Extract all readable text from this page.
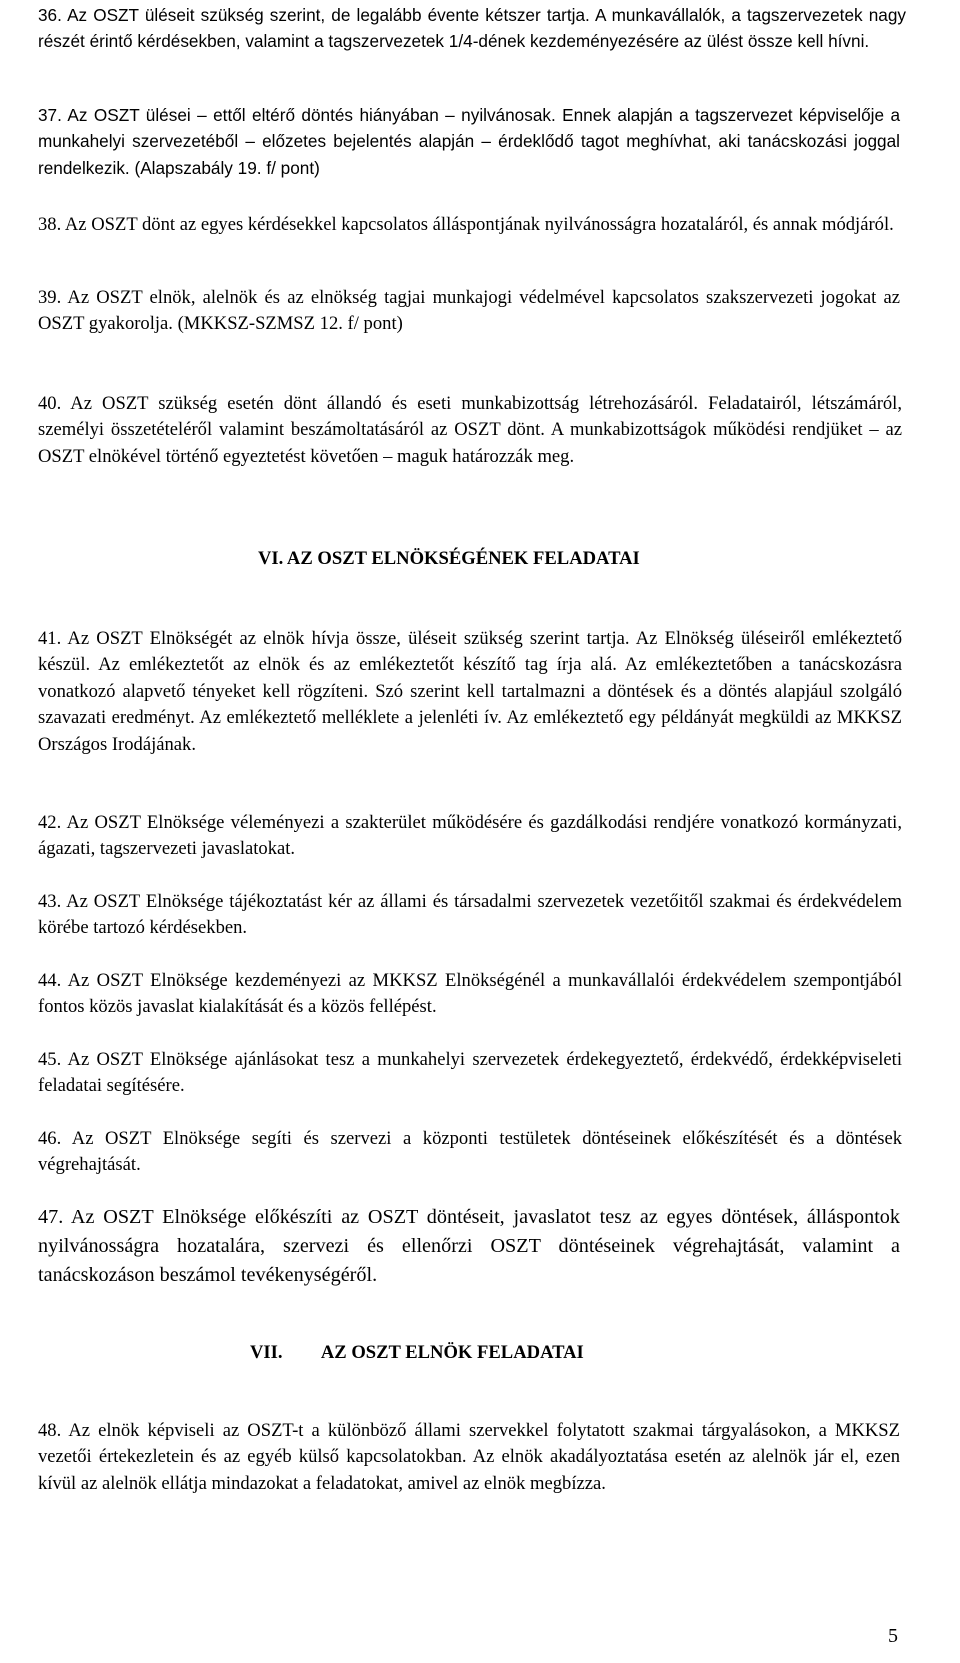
36. Az OSZT üléseit szükség szerint, de legalább évente kétszer tartja. A munkavállalók, a tagszervezetek nagy részét érintő kérdésekben, valamint a tagszervezetek 1/4-dének kezdeményezésére az ülést össze kell hívni.

37. Az OSZT ülései – ettől eltérő döntés hiányában – nyilvánosak. Ennek alapján a tagszervezet képviselője a munkahelyi szervezetéből – előzetes bejelentés alapján – érdeklődő tagot meghívhat, aki tanácskozási joggal rendelkezik. (Alapszabály 19. f/ pont)

38. Az OSZT dönt az egyes kérdésekkel kapcsolatos álláspontjának nyilvánosságra hozataláról, és annak módjáról.

39. Az OSZT elnök, alelnök és az elnökség tagjai munkajogi védelmével kapcsolatos szakszervezeti jogokat az OSZT gyakorolja. (MKKSZ-SZMSZ 12. f/ pont)

40. Az OSZT szükség esetén dönt állandó és eseti munkabizottság létrehozásáról. Feladatairól, létszámáról, személyi összetételéről valamint beszámoltatásáról az OSZT dönt. A munkabizottságok működési rendjüket – az OSZT elnökével történő egyeztetést követően – maguk határozzák meg.

VI. AZ OSZT ELNÖKSÉGÉNEK FELADATAI

41. Az OSZT Elnökségét az elnök hívja össze, üléseit szükség szerint tartja. Az Elnökség üléseiről emlékeztető készül. Az emlékeztetőt az elnök és az emlékeztetőt készítő tag írja alá. Az emlékeztetőben a tanácskozásra vonatkozó alapvető tényeket kell rögzíteni. Szó szerint kell tartalmazni a döntések és a döntés alapjául szolgáló szavazati eredményt. Az emlékeztető melléklete a jelenléti ív. Az emlékeztető egy példányát megküldi az MKKSZ Országos Irodájának.

42. Az OSZT Elnöksége véleményezi a szakterület működésére és gazdálkodási rendjére vonatkozó kormányzati, ágazati, tagszervezeti javaslatokat.

43. Az OSZT Elnöksége tájékoztatást kér az állami és társadalmi szervezetek vezetőitől szakmai és érdekvédelem körébe tartozó kérdésekben.

44. Az OSZT Elnöksége kezdeményezi az MKKSZ Elnökségénél a munkavállalói érdekvédelem szempontjából fontos közös javaslat kialakítását és a közös fellépést.

45. Az OSZT Elnöksége ajánlásokat tesz a munkahelyi szervezetek érdekegyeztető, érdekvédő, érdekképviseleti feladatai segítésére.

46. Az OSZT Elnöksége segíti és szervezi a központi testületek döntéseinek előkészítését és a döntések végrehajtását.

47. Az OSZT Elnöksége előkészíti az OSZT döntéseit, javaslatot tesz az egyes döntések, álláspontok nyilvánosságra hozatalára, szervezi és ellenőrzi OSZT döntéseinek végrehajtását, valamint a tanácskozáson beszámol tevékenységéről.

VII. AZ OSZT ELNÖK FELADATAI

48. Az elnök képviseli az OSZT-t a különböző állami szervekkel folytatott szakmai tárgyalásokon, a MKKSZ vezetői értekezletein és az egyéb külső kapcsolatokban. Az elnök akadályoztatása esetén az alelnök jár el, ezen kívül az alelnök ellátja mindazokat a feladatokat, amivel az elnök megbízza.

5
